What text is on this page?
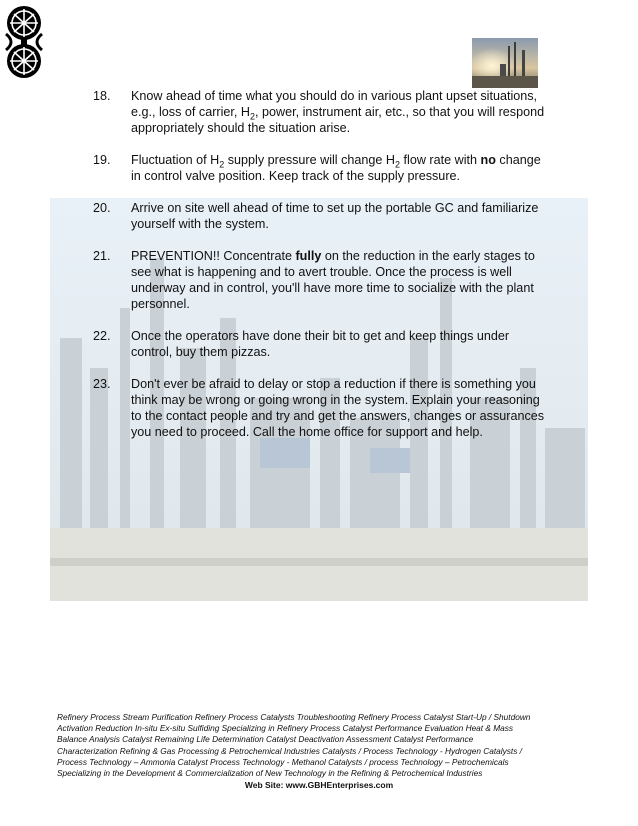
18.	Know ahead of time what you should do in various plant upset situations, e.g., loss of carrier, $H_2$, power, instrument air, etc., so that you will respond appropriately should the situation arise.
19.	Fluctuation of $H_2$ supply pressure will change $H_2$ flow rate with no change in control valve position. Keep track of the supply pressure.
20.	Arrive on site well ahead of time to set up the portable GC and familiarize yourself with the system.
21.	PREVENTION!! Concentrate fully on the reduction in the early stages to see what is happening and to avert trouble. Once the process is well underway and in control, you'll have more time to socialize with the plant personnel.
22.	Once the operators have done their bit to get and keep things under control, buy them pizzas.
23.	Don't ever be afraid to delay or stop a reduction if there is something you think may be wrong or going wrong in the system. Explain your reasoning to the contact people and try and get the answers, changes or assurances you need to proceed. Call the home office for support and help.
Refinery Process Stream Purification Refinery Process Catalysts Troubleshooting Refinery Process Catalyst Start-Up / Shutdown
Activation Reduction In-situ Ex-situ Sulfiding Specializing in Refinery Process Catalyst Performance Evaluation Heat & Mass
Balance Analysis Catalyst Remaining Life Determination Catalyst Deactivation Assessment Catalyst Performance
Characterization Refining & Gas Processing & Petrochemical Industries Catalysts / Process Technology - Hydrogen Catalysts /
Process Technology – Ammonia Catalyst Process Technology - Methanol Catalysts / process Technology – Petrochemicals
Specializing in the Development & Commercialization of New Technology in the Refining & Petrochemical Industries
Web Site: www.GBHEnterprises.com
